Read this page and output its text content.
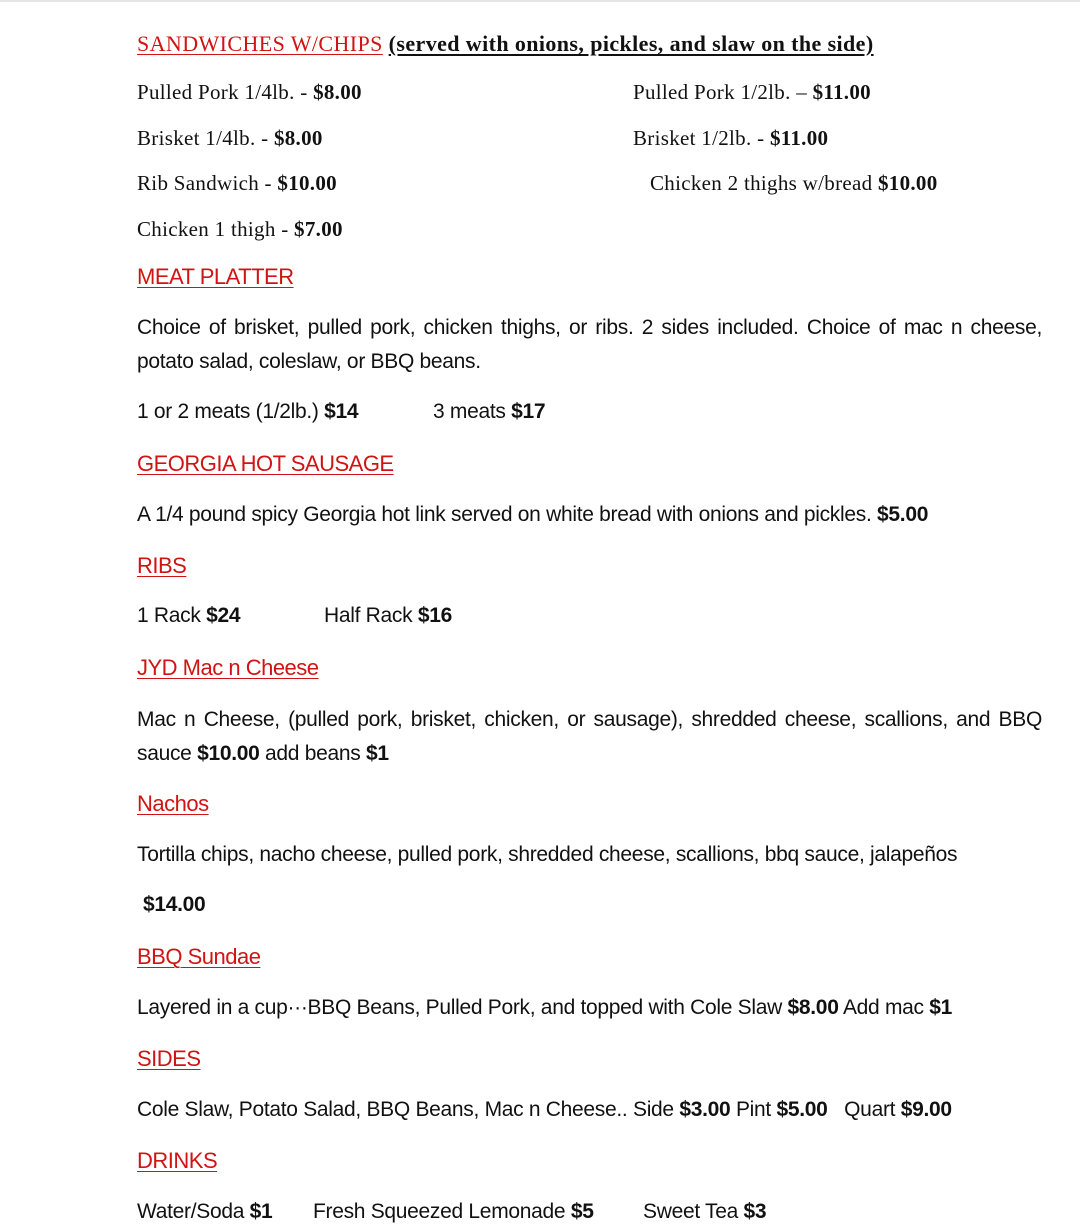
SANDWICHES W/CHIPS (served with onions, pickles, and slaw on the side)
Pulled Pork 1/4lb. - $8.00	Pulled Pork 1/2lb. – $11.00
Brisket 1/4lb. - $8.00	Brisket 1/2lb. - $11.00
Rib Sandwich - $10.00	Chicken 2 thighs w/bread $10.00
Chicken 1 thigh - $7.00
MEAT PLATTER
Choice of brisket, pulled pork, chicken thighs, or ribs. 2 sides included. Choice of mac n cheese, potato salad, coleslaw, or BBQ beans.
1 or 2 meats (1/2lb.) $14	3 meats $17
GEORGIA HOT SAUSAGE
A 1/4 pound spicy Georgia hot link served on white bread with onions and pickles. $5.00
RIBS
1 Rack $24	Half Rack $16
JYD Mac n Cheese
Mac n Cheese, (pulled pork, brisket, chicken, or sausage), shredded cheese, scallions, and BBQ sauce $10.00 add beans $1
Nachos
Tortilla chips, nacho cheese, pulled pork, shredded cheese, scallions, bbq sauce, jalapeños
$14.00
BBQ Sundae
Layered in a cup···BBQ Beans, Pulled Pork, and topped with Cole Slaw $8.00 Add mac $1
SIDES
Cole Slaw, Potato Salad, BBQ Beans, Mac n Cheese.. Side $3.00 Pint $5.00   Quart $9.00
DRINKS
Water/Soda $1 Fresh Squeezed Lemonade $5 Sweet Tea $3
